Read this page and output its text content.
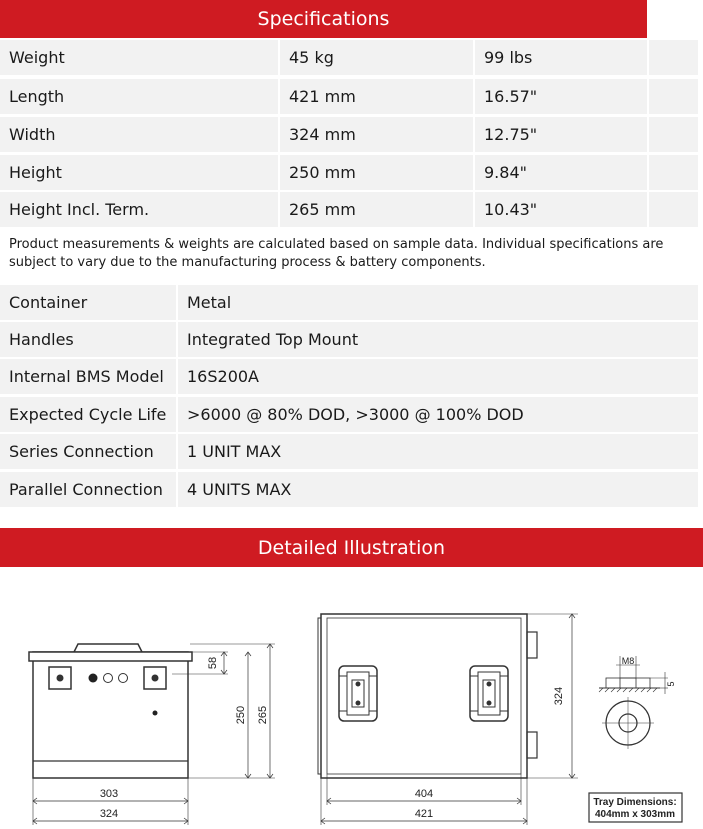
Specifications
Weight	45 kg	99 lbs
Length	421 mm	16.57"
Width	324 mm	12.75"
Height	250 mm	9.84"
Height Incl. Term.	265 mm	10.43"
Product measurements & weights are calculated based on sample data. Individual specifications are subject to vary due to the manufacturing process & battery components.
Container	Metal
Handles	Integrated Top Mount
Internal BMS Model	16S200A
Expected Cycle Life	>6000 @ 80% DOD, >3000 @ 100% DOD
Series Connection	1 UNIT MAX
Parallel Connection	4 UNITS MAX
Detailed Illustration
58
250 265
303
324
324
404
421
M8
5
Tray Dimensions:
404mm x 303mm
